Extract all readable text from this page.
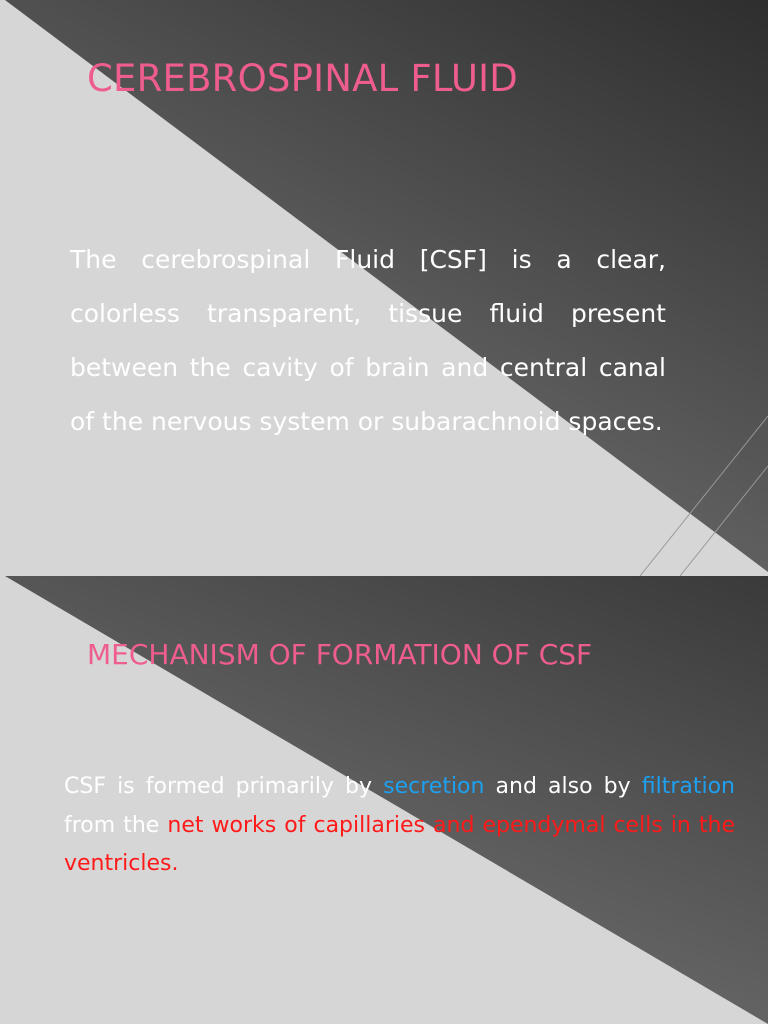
CEREBROSPINAL FLUID

The cerebrospinal Fluid [CSF] is a clear, colorless transparent, tissue fluid present between the cavity of brain and central canal of the nervous system or subarachnoid spaces.

MECHANISM OF FORMATION OF CSF

CSF is formed primarily by secretion and also by filtration from the net works of capillaries and ependymal cells in the ventricles.
